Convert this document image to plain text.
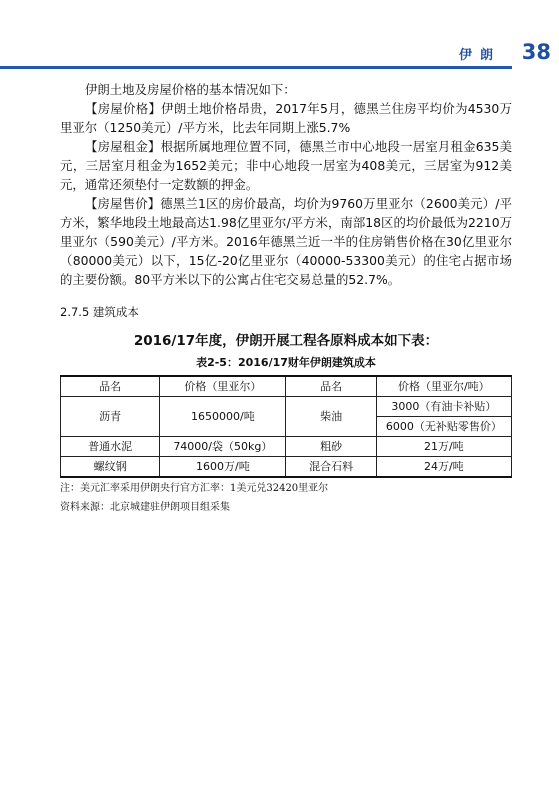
伊朗 38

伊朗土地及房屋价格的基本情况如下：

【房屋价格】伊朗土地价格昂贵，2017年5月，德黑兰住房平均价为4530万里亚尔（1250美元）/平方米，比去年同期上涨5.7%

【房屋租金】根据所属地理位置不同，德黑兰市中心地段一居室月租金635美元，三居室月租金为1652美元；非中心地段一居室为408美元，三居室为912美元，通常还须垫付一定数额的押金。

【房屋售价】德黑兰1区的房价最高，均价为9760万里亚尔（2600美元）/平方米，繁华地段土地最高达1.98亿里亚尔/平方米，南部18区的均价最低为2210万里亚尔（590美元）/平方米。2016年德黑兰近一半的住房销售价格在30亿里亚尔（80000美元）以下，15亿-20亿里亚尔（40000-53300美元）的住宅占据市场的主要份额。80平方米以下的公寓占住宅交易总量的52.7%。

2.7.5 建筑成本
2016/17年度，伊朗开展工程各原料成本如下表：
表2-5：2016/17财年伊朗建筑成本
品名	价格（里亚尔）	品名	价格（里亚尔/吨）
沥青	1650000/吨	柴油	3000（有油卡补贴）
			6000（无补贴零售价）
普通水泥	74000/袋（50kg）	粗砂	21万/吨
螺纹钢	1600万/吨	混合石料	24万/吨
注：美元汇率采用伊朗央行官方汇率：1美元兑32420里亚尔
资料来源：北京城建驻伊朗项目组采集
